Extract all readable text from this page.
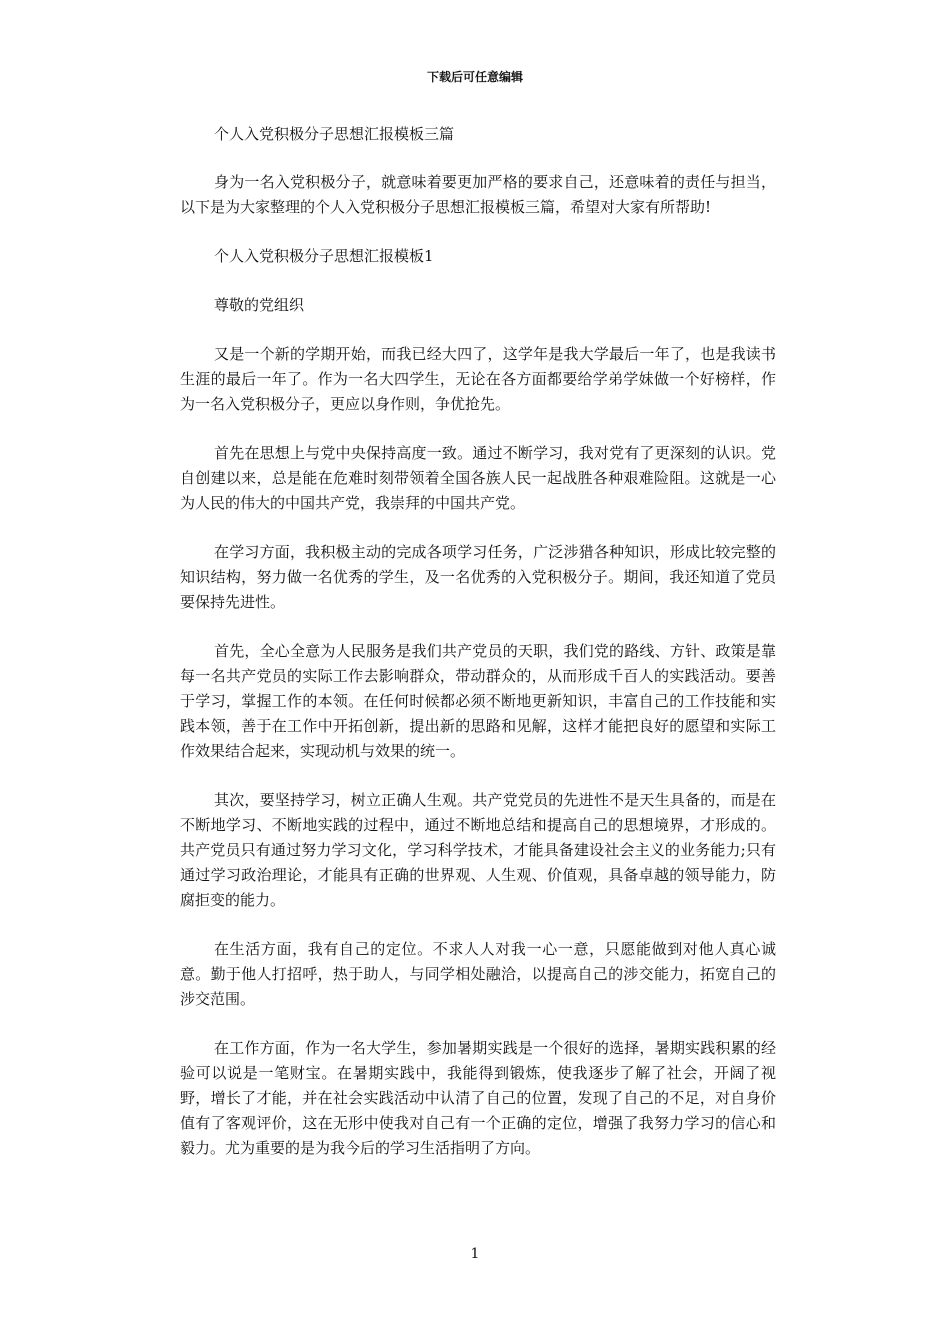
下载后可任意编辑

个人入党积极分子思想汇报模板三篇

身为一名入党积极分子，就意味着要更加严格的要求自己，还意味着的责任与担当，以下是为大家整理的个人入党积极分子思想汇报模板三篇，希望对大家有所帮助!

个人入党积极分子思想汇报模板1

尊敬的党组织

又是一个新的学期开始，而我已经大四了，这学年是我大学最后一年了，也是我读书生涯的最后一年了。作为一名大四学生，无论在各方面都要给学弟学妹做一个好榜样，作为一名入党积极分子，更应以身作则，争优抢先。

首先在思想上与党中央保持高度一致。通过不断学习，我对党有了更深刻的认识。党自创建以来，总是能在危难时刻带领着全国各族人民一起战胜各种艰难险阻。这就是一心为人民的伟大的中国共产党，我崇拜的中国共产党。

在学习方面，我积极主动的完成各项学习任务，广泛涉猎各种知识，形成比较完整的知识结构，努力做一名优秀的学生，及一名优秀的入党积极分子。期间，我还知道了党员要保持先进性。

首先，全心全意为人民服务是我们共产党员的天职，我们党的路线、方针、政策是靠每一名共产党员的实际工作去影响群众，带动群众的，从而形成千百人的实践活动。要善于学习，掌握工作的本领。在任何时候都必须不断地更新知识，丰富自己的工作技能和实践本领，善于在工作中开拓创新，提出新的思路和见解，这样才能把良好的愿望和实际工作效果结合起来，实现动机与效果的统一。

其次，要坚持学习，树立正确人生观。共产党党员的先进性不是天生具备的，而是在不断地学习、不断地实践的过程中，通过不断地总结和提高自己的思想境界，才形成的。共产党员只有通过努力学习文化，学习科学技术，才能具备建设社会主义的业务能力;只有通过学习政治理论，才能具有正确的世界观、人生观、价值观，具备卓越的领导能力，防腐拒变的能力。

在生活方面，我有自己的定位。不求人人对我一心一意，只愿能做到对他人真心诚意。勤于他人打招呼，热于助人，与同学相处融洽，以提高自己的涉交能力，拓宽自己的涉交范围。

在工作方面，作为一名大学生，参加暑期实践是一个很好的选择，暑期实践积累的经验可以说是一笔财宝。在暑期实践中，我能得到锻炼，使我逐步了解了社会，开阔了视野，增长了才能，并在社会实践活动中认清了自己的位置，发现了自己的不足，对自身价值有了客观评价，这在无形中使我对自己有一个正确的定位，增强了我努力学习的信心和毅力。尤为重要的是为我今后的学习生活指明了方向。

1
